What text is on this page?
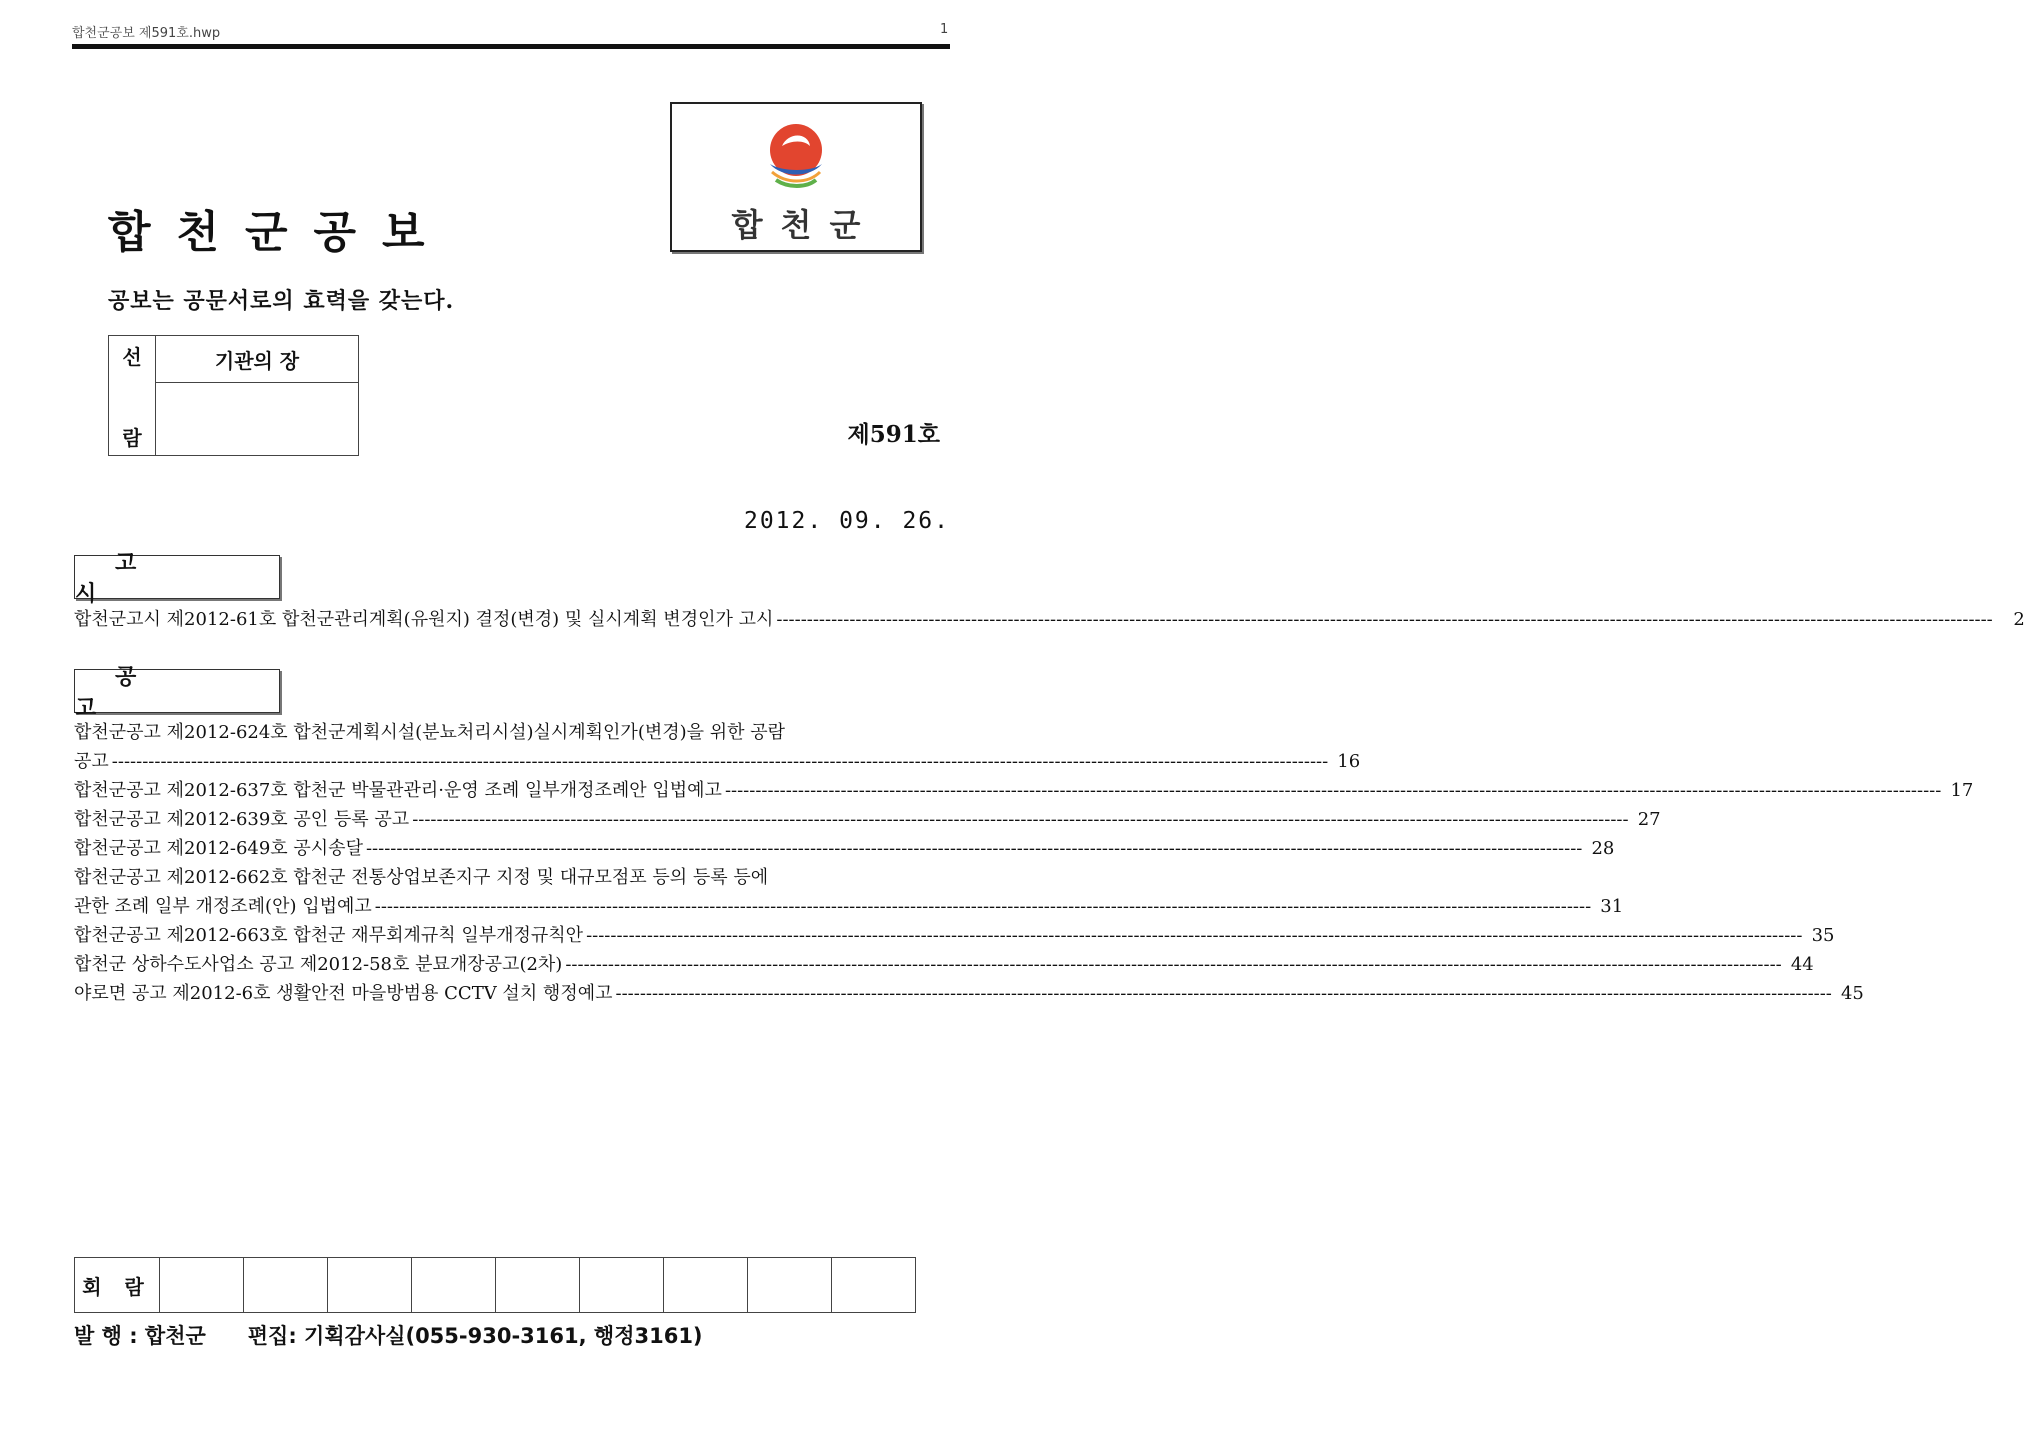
합천군공보 제591호.hwp	1
합천군공보
공보는 공문서로의 효력을 갖는다.
합천군
선
람
	기관의 장

제591호
2012. 09. 26.
고 시
합천군고시 제2012-61호 합천군관리계획(유원지) 결정(변경) 및 실시계획 변경인가 고시 --------------------------------------------------------------------------------------------------------------------------------------------------------------------------------------------------------	2
공 고
합천군공고 제2012-624호 합천군계획시설(분뇨처리시설)실시계획인가(변경)을 위한 공람
공고 -------------------------------------------------------------------------------------------------------------------------------------------------------------------------------------------------------- 16
합천군공고 제2012-637호 합천군 박물관관리·운영 조례 일부개정조례안 입법예고 -------------------------------------------------------------------------------------------------------------------------------------------------------------------------------------------------------- 17
합천군공고 제2012-639호 공인 등록 공고 -------------------------------------------------------------------------------------------------------------------------------------------------------------------------------------------------------- 27
합천군공고 제2012-649호 공시송달 -------------------------------------------------------------------------------------------------------------------------------------------------------------------------------------------------------- 28
합천군공고 제2012-662호 합천군 전통상업보존지구 지정 및 대규모점포 등의 등록 등에
관한 조례 일부 개정조례(안) 입법예고 -------------------------------------------------------------------------------------------------------------------------------------------------------------------------------------------------------- 31
합천군공고 제2012-663호 합천군 재무회계규칙 일부개정규칙안 -------------------------------------------------------------------------------------------------------------------------------------------------------------------------------------------------------- 35
합천군 상하수도사업소 공고 제2012-58호 분묘개장공고(2차) -------------------------------------------------------------------------------------------------------------------------------------------------------------------------------------------------------- 44
야로면 공고 제2012-6호 생활안전 마을방범용 CCTV 설치 행정예고 -------------------------------------------------------------------------------------------------------------------------------------------------------------------------------------------------------- 45
회 람									
발 행 : 합천군 편집: 기획감사실(055-930-3161, 행정3161)
